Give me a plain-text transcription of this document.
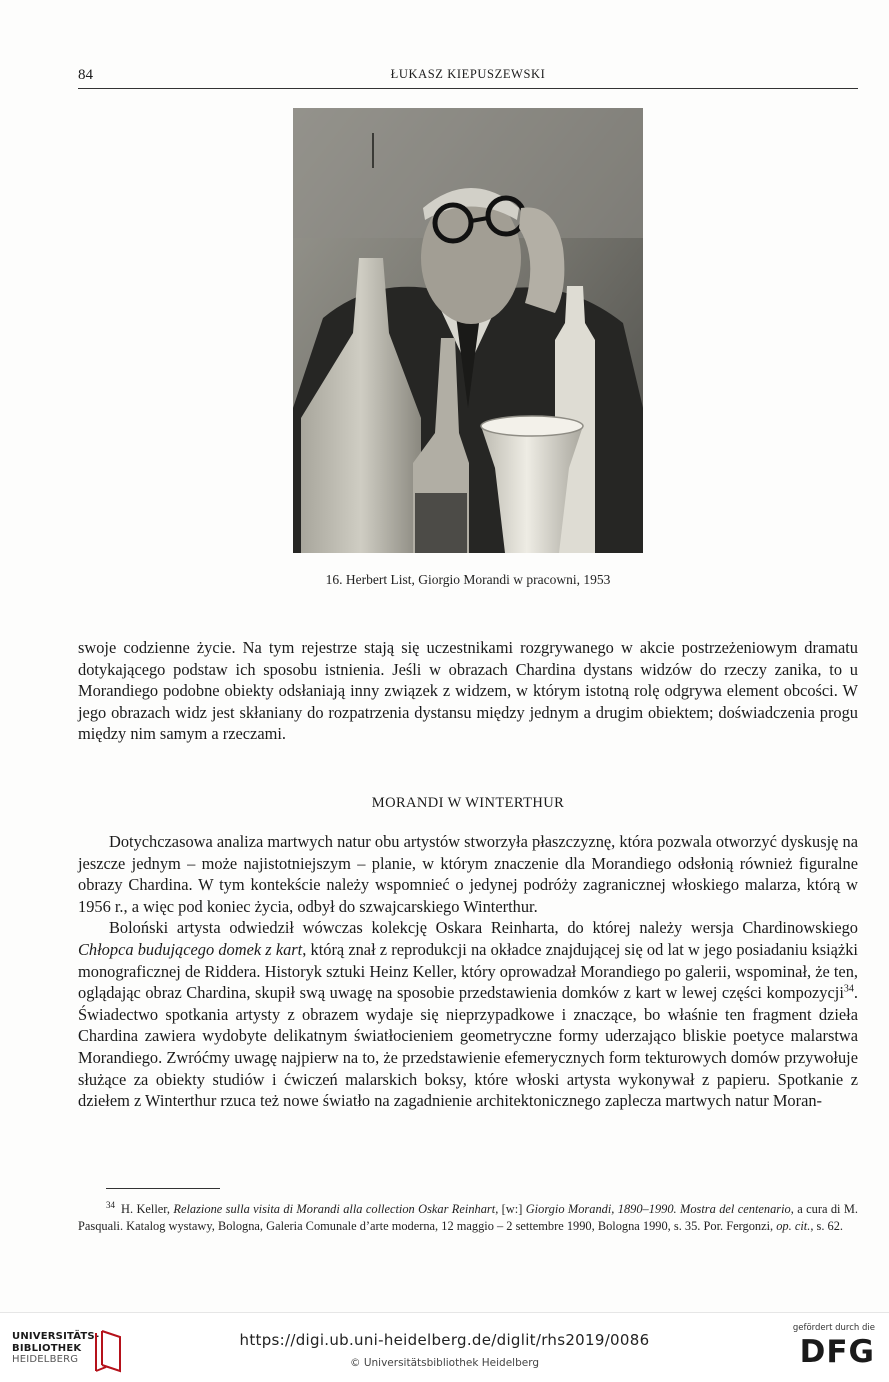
84	ŁUKASZ KIEPUSZEWSKI
16. Herbert List, Giorgio Morandi w pracowni, 1953

swoje codzienne życie. Na tym rejestrze stają się uczestnikami rozgrywanego w akcie postrzeżeniowym dramatu dotykającego podstaw ich sposobu istnienia. Jeśli w obrazach Chardina dystans widzów do rzeczy zanika, to u Morandiego podobne obiekty odsłaniają inny związek z widzem, w którym istotną rolę odgrywa element obcości. W jego obrazach widz jest skłaniany do rozpatrzenia dystansu między jednym a drugim obiektem; doświadczenia progu między nim samym a rzeczami.

MORANDI W WINTERTHUR

Dotychczasowa analiza martwych natur obu artystów stworzyła płaszczyznę, która pozwala otworzyć dyskusję na jeszcze jednym – może najistotniejszym – planie, w którym znaczenie dla Morandiego odsłonią również figuralne obrazy Chardina. W tym kontekście należy wspomnieć o jedynej podróży zagranicznej włoskiego malarza, którą w 1956 r., a więc pod koniec życia, odbył do szwajcarskiego Winterthur.

Boloński artysta odwiedził wówczas kolekcję Oskara Reinharta, do której należy wersja Chardinowskiego Chłopca budującego domek z kart, którą znał z reprodukcji na okładce znajdującej się od lat w jego posiadaniu książki monograficznej de Riddera. Historyk sztuki Heinz Keller, który oprowadzał Morandiego po galerii, wspominał, że ten, oglądając obraz Chardina, skupił swą uwagę na sposobie przedstawienia domków z kart w lewej części kompozycji$^{34}$. Świadectwo spotkania artysty z obrazem wydaje się nieprzypadkowe i znaczące, bo właśnie ten fragment dzieła Chardina zawiera wydobyte delikatnym światłocieniem geometryczne formy uderzająco bliskie poetyce malarstwa Morandiego. Zwróćmy uwagę najpierw na to, że przedstawienie efemerycznych form tekturowych domów przywołuje służące za obiekty studiów i ćwiczeń malarskich boksy, które włoski artysta wykonywał z papieru. Spotkanie z dziełem z Winterthur rzuca też nowe światło na zagadnienie architektonicznego zaplecza martwych natur Moran-

$^{34}$ H. Keller, Relazione sulla visita di Morandi alla collection Oskar Reinhart, [w:] Giorgio Morandi, 1890–1990. Mostra del centenario, a cura di M. Pasquali. Katalog wystawy, Bologna, Galeria Comunale d’arte moderna, 12 maggio – 2 settembre 1990, Bologna 1990, s. 35. Por. Fergonzi, op. cit., s. 62.
UNIVERSITÄTS-
BIBLIOTHEK
HEIDELBERG
https://digi.ub.uni-heidelberg.de/diglit/rhs2019/0086
© Universitätsbibliothek Heidelberg
gefördert durch die
DFG
